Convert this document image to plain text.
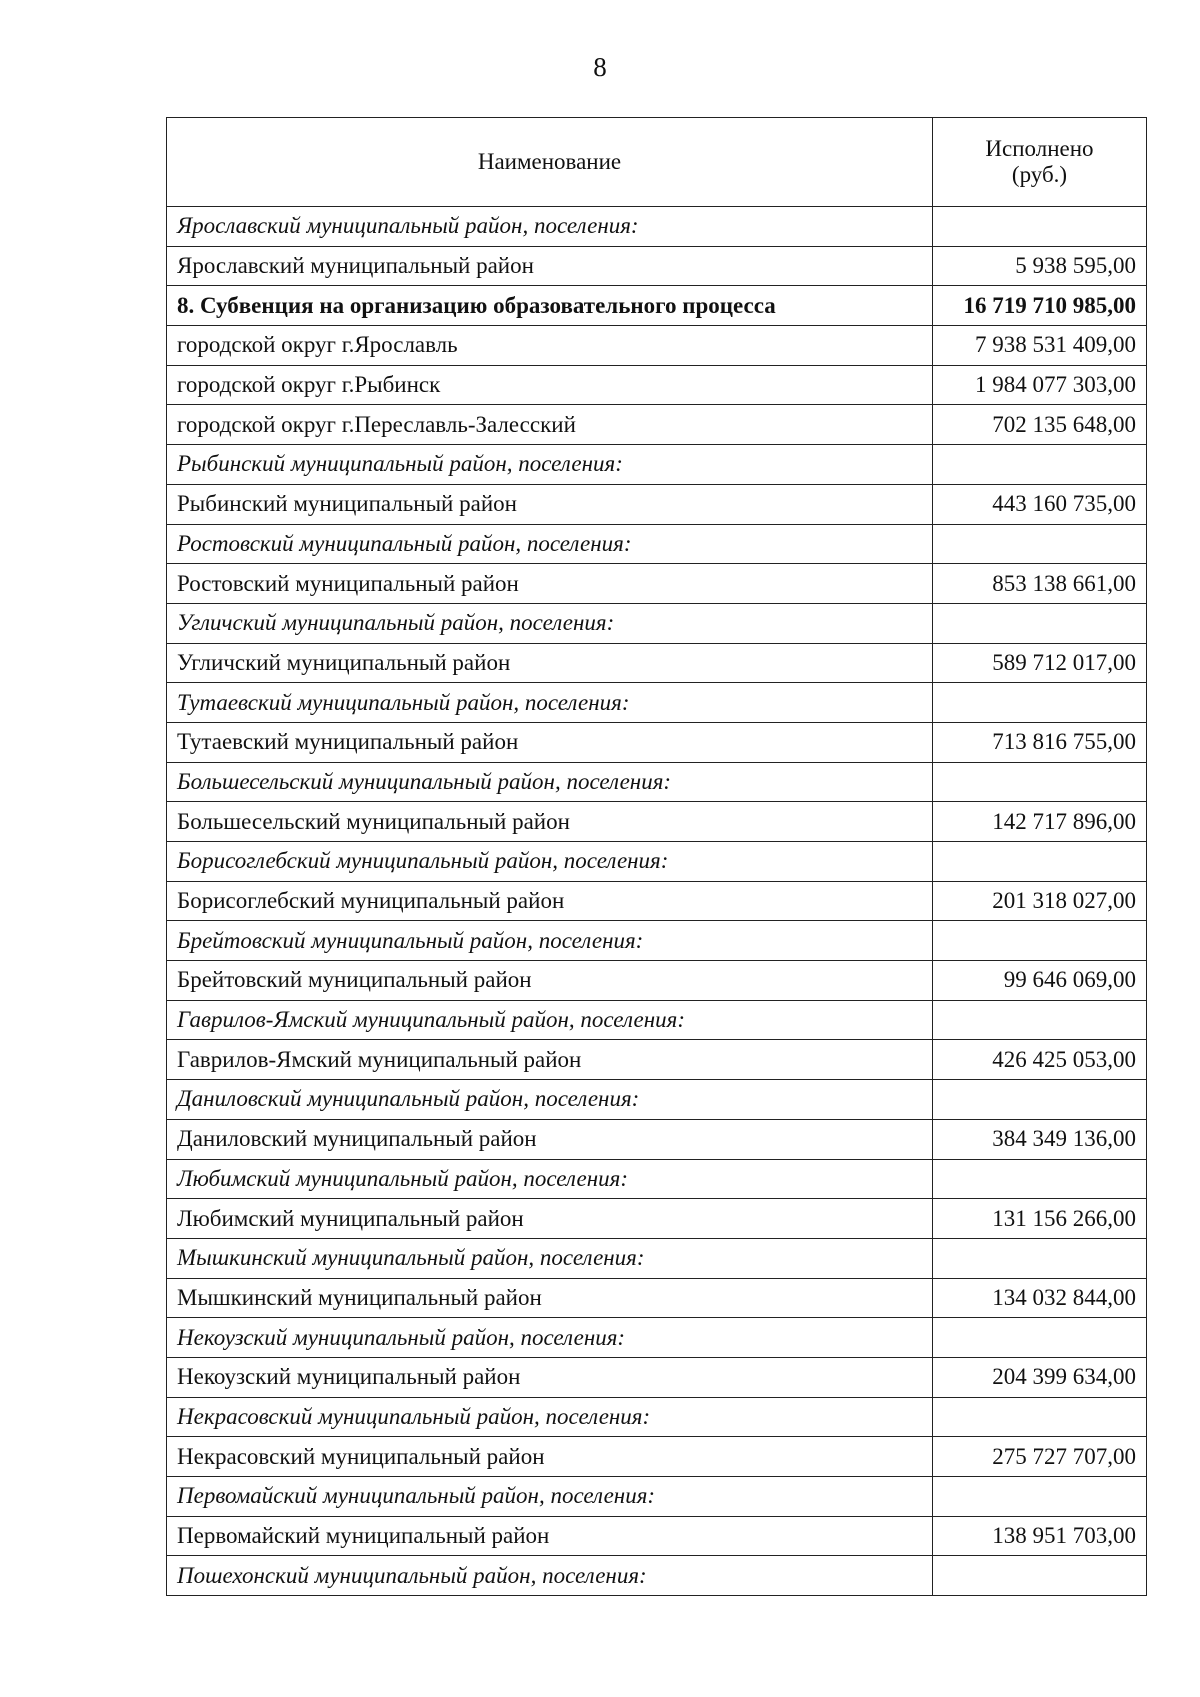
8
Наименование	Исполнено
(руб.)

Ярославский муниципальный район, поселения:	
Ярославский муниципальный район	5 938 595,00
8. Субвенция на организацию образовательного процесса	16 719 710 985,00
городской округ г.Ярославль	7 938 531 409,00
городской округ г.Рыбинск	1 984 077 303,00
городской округ г.Переславль-Залесский	702 135 648,00
Рыбинский муниципальный район, поселения:	
Рыбинский муниципальный район	443 160 735,00
Ростовский муниципальный район, поселения:	
Ростовский муниципальный район	853 138 661,00
Угличский муниципальный район, поселения:	
Угличский муниципальный район	589 712 017,00
Тутаевский муниципальный район, поселения:	
Тутаевский муниципальный район	713 816 755,00
Большесельский муниципальный район, поселения:	
Большесельский муниципальный район	142 717 896,00
Борисоглебский муниципальный район, поселения:	
Борисоглебский муниципальный район	201 318 027,00
Брейтовский муниципальный район, поселения:	
Брейтовский муниципальный район	99 646 069,00
Гаврилов-Ямский муниципальный район, поселения:	
Гаврилов-Ямский муниципальный район	426 425 053,00
Даниловский муниципальный район, поселения:	
Даниловский муниципальный район	384 349 136,00
Любимский муниципальный район, поселения:	
Любимский муниципальный район	131 156 266,00
Мышкинский муниципальный район, поселения:	
Мышкинский муниципальный район	134 032 844,00
Некоузский муниципальный район, поселения:	
Некоузский муниципальный район	204 399 634,00
Некрасовский муниципальный район, поселения:	
Некрасовский муниципальный район	275 727 707,00
Первомайский муниципальный район, поселения:	
Первомайский муниципальный район	138 951 703,00
Пошехонский муниципальный район, поселения:	
